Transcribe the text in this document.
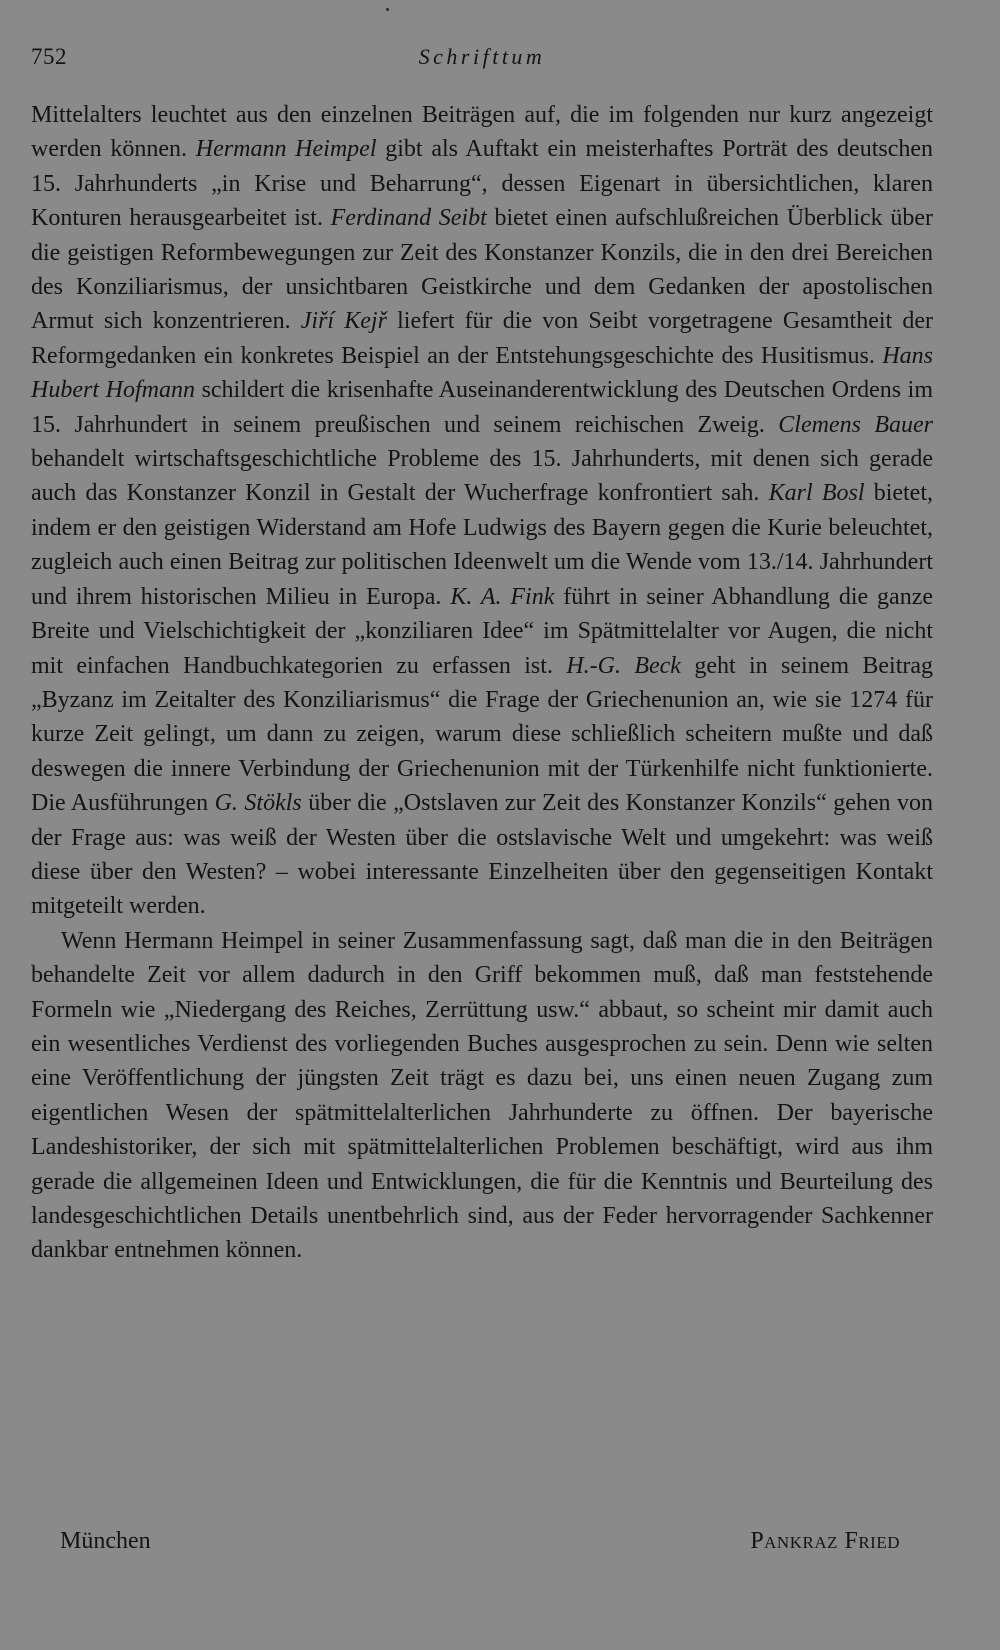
752	Schrifttum

Mittelalters leuchtet aus den einzelnen Beiträgen auf, die im folgenden nur kurz angezeigt werden können. Hermann Heimpel gibt als Auftakt ein meisterhaftes Porträt des deutschen 15. Jahrhunderts „in Krise und Beharrung“, dessen Eigenart in übersichtlichen, klaren Konturen herausgearbeitet ist. Ferdinand Seibt bietet einen aufschlußreichen Überblick über die geistigen Reformbewegungen zur Zeit des Konstanzer Konzils, die in den drei Bereichen des Konziliarismus, der unsichtbaren Geistkirche und dem Gedanken der apostolischen Armut sich konzentrieren. Jiří Kejř liefert für die von Seibt vorgetragene Gesamtheit der Reformgedanken ein konkretes Beispiel an der Entstehungsgeschichte des Husitismus. Hans Hubert Hofmann schildert die krisenhafte Auseinanderentwicklung des Deutschen Ordens im 15. Jahrhundert in seinem preußischen und seinem reichischen Zweig. Clemens Bauer behandelt wirtschaftsgeschichtliche Probleme des 15. Jahrhunderts, mit denen sich gerade auch das Konstanzer Konzil in Gestalt der Wucherfrage konfrontiert sah. Karl Bosl bietet, indem er den geistigen Widerstand am Hofe Ludwigs des Bayern gegen die Kurie beleuchtet, zugleich auch einen Beitrag zur politischen Ideenwelt um die Wende vom 13./14. Jahrhundert und ihrem historischen Milieu in Europa. K. A. Fink führt in seiner Abhandlung die ganze Breite und Vielschichtigkeit der „konziliaren Idee“ im Spätmittelalter vor Augen, die nicht mit einfachen Handbuchkategorien zu erfassen ist. H.-G. Beck geht in seinem Beitrag „Byzanz im Zeitalter des Konziliarismus“ die Frage der Griechenunion an, wie sie 1274 für kurze Zeit gelingt, um dann zu zeigen, warum diese schließlich scheitern mußte und daß deswegen die innere Verbindung der Griechenunion mit der Türkenhilfe nicht funktionierte. Die Ausführungen G. Stökls über die „Ostslaven zur Zeit des Konstanzer Konzils“ gehen von der Frage aus: was weiß der Westen über die ostslavische Welt und umgekehrt: was weiß diese über den Westen? – wobei interessante Einzelheiten über den gegenseitigen Kontakt mitgeteilt werden.

Wenn Hermann Heimpel in seiner Zusammenfassung sagt, daß man die in den Beiträgen behandelte Zeit vor allem dadurch in den Griff bekommen muß, daß man feststehende Formeln wie „Niedergang des Reiches, Zerrüttung usw.“ abbaut, so scheint mir damit auch ein wesentliches Verdienst des vorliegenden Buches ausgesprochen zu sein. Denn wie selten eine Veröffentlichung der jüngsten Zeit trägt es dazu bei, uns einen neuen Zugang zum eigentlichen Wesen der spätmittelalterlichen Jahrhunderte zu öffnen. Der bayerische Landeshistoriker, der sich mit spätmittelalterlichen Problemen beschäftigt, wird aus ihm gerade die allgemeinen Ideen und Entwicklungen, die für die Kenntnis und Beurteilung des landesgeschichtlichen Details unentbehrlich sind, aus der Feder hervorragender Sachkenner dankbar entnehmen können.

München	Pankraz Fried
